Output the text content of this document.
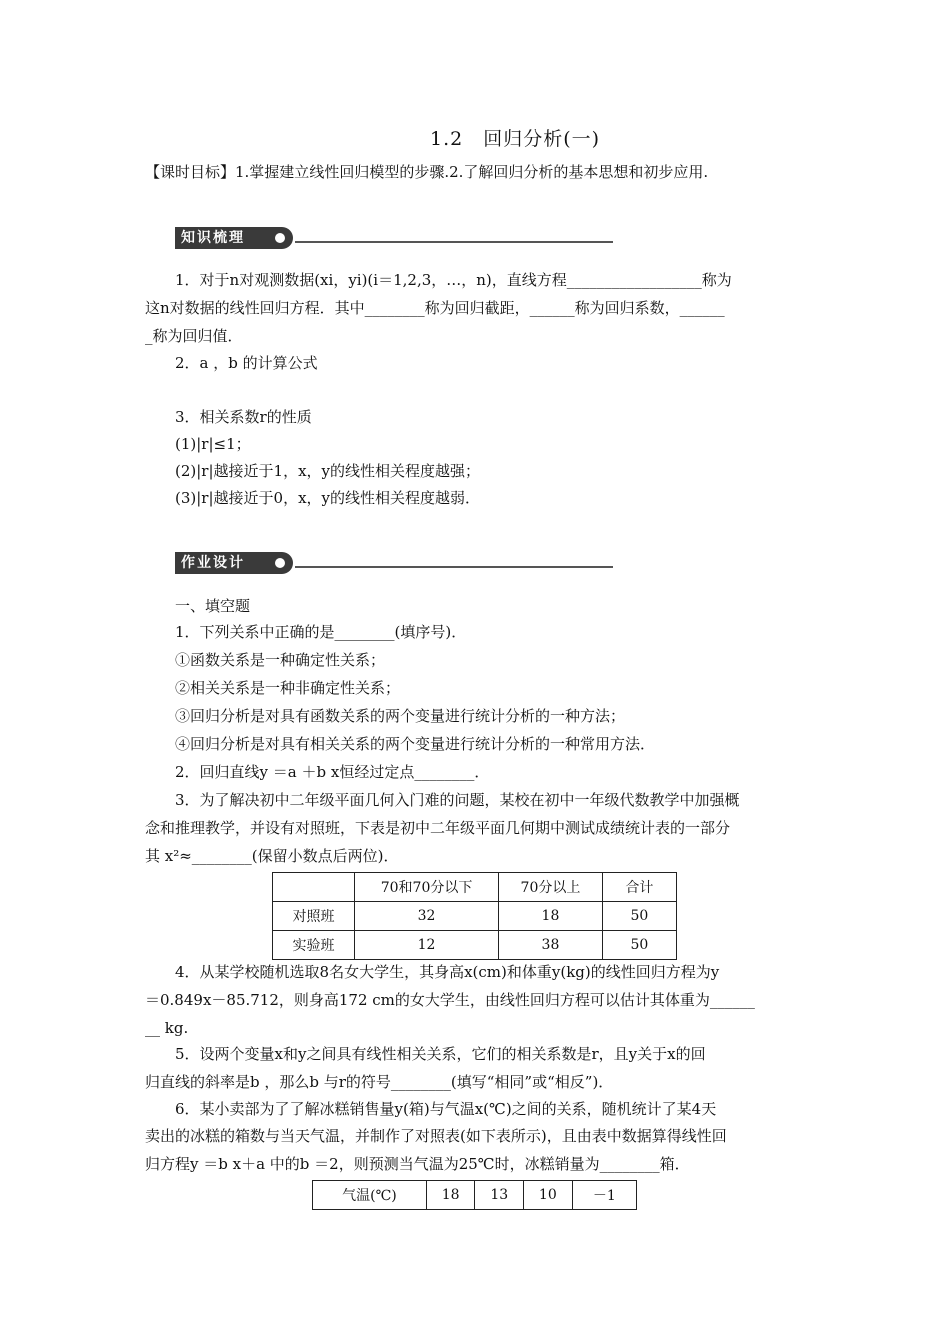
1.2　回归分析(一)
【课时目标】1.掌握建立线性回归模型的步骤.2.了解回归分析的基本思想和初步应用.
知识梳理
1．对于n对观测数据(xi，yi)(i＝1,2,3，…，n)，直线方程__________________称为
这n对数据的线性回归方程．其中________称为回归截距，______称为回归系数，______
_称为回归值．
2．a ，b 的计算公式
3．相关系数r的性质
(1)|r|≤1；
(2)|r|越接近于1，x，y的线性相关程度越强；
(3)|r|越接近于0，x，y的线性相关程度越弱．
作业设计
一、填空题
1．下列关系中正确的是________(填序号)．
①函数关系是一种确定性关系；
②相关关系是一种非确定性关系；
③回归分析是对具有函数关系的两个变量进行统计分析的一种方法；
④回归分析是对具有相关关系的两个变量进行统计分析的一种常用方法．
2．回归直线y ＝a ＋b x恒经过定点________．
3．为了解决初中二年级平面几何入门难的问题，某校在初中一年级代数教学中加强概
念和推理教学，并设有对照班，下表是初中二年级平面几何期中测试成绩统计表的一部分
其 x²≈________(保留小数点后两位)．
	70和70分以下	70分以上	合计
对照班	32	18	50
实验班	12	38	50
4．从某学校随机选取8名女大学生，其身高x(cm)和体重y(kg)的线性回归方程为y
＝0.849x－85.712，则身高172 cm的女大学生，由线性回归方程可以估计其体重为______
__ kg.
5．设两个变量x和y之间具有线性相关关系，它们的相关系数是r，且y关于x的回
归直线的斜率是b ，那么b 与r的符号________(填写“相同”或“相反”)．
6．某小卖部为了了解冰糕销售量y(箱)与气温x(℃)之间的关系，随机统计了某4天
卖出的冰糕的箱数与当天气温，并制作了对照表(如下表所示)，且由表中数据算得线性回
归方程y ＝b x＋a 中的b ＝2，则预测当气温为25℃时，冰糕销量为________箱．
气温(℃)	18	13	10	－1
